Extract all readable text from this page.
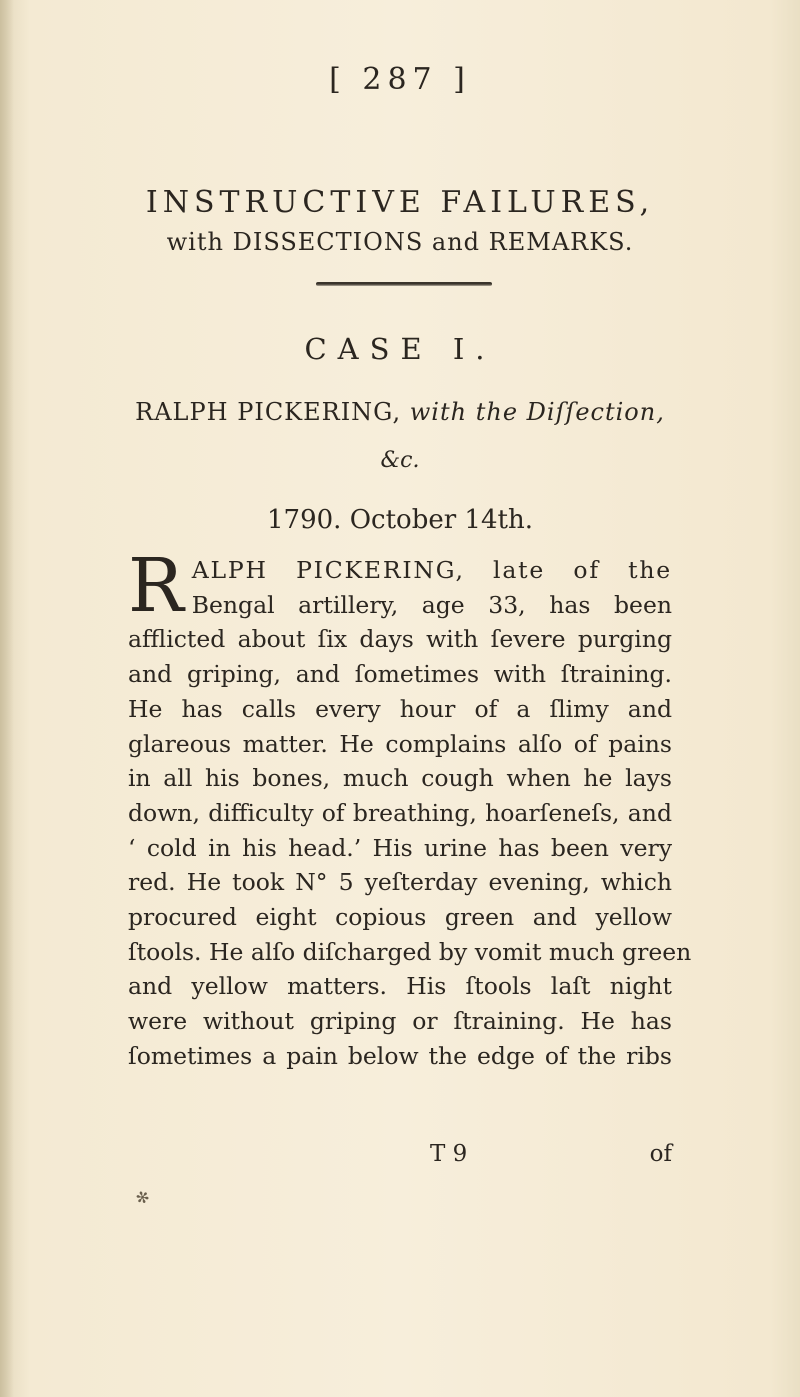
[ 287 ]
INSTRUCTIVE FAILURES,
with DISSECTIONS and REMARKS.
CASE I.
RALPH PICKERING, with the Diſſection,
&c.
1790. October 14th.
R ALPH PICKERING, late of the
Bengal artillery, age 33, has been
afflicted about ſix days with ſevere purging
and griping, and ſometimes with ſtraining.
He has calls every hour of a ſlimy and
glareous matter. He complains alſo of pains
in all his bones, much cough when he lays
down, difficulty of breathing, hoarſeneſs, and
‘ cold in his head.’ His urine has been very
red. He took N° 5 yeſterday evening, which
procured eight copious green and yellow
ſtools. He alſo diſcharged by vomit much green
and yellow matters. His ſtools laſt night
were without griping or ſtraining. He has
ſometimes a pain below the edge of the ribs
T 9	of
✻
